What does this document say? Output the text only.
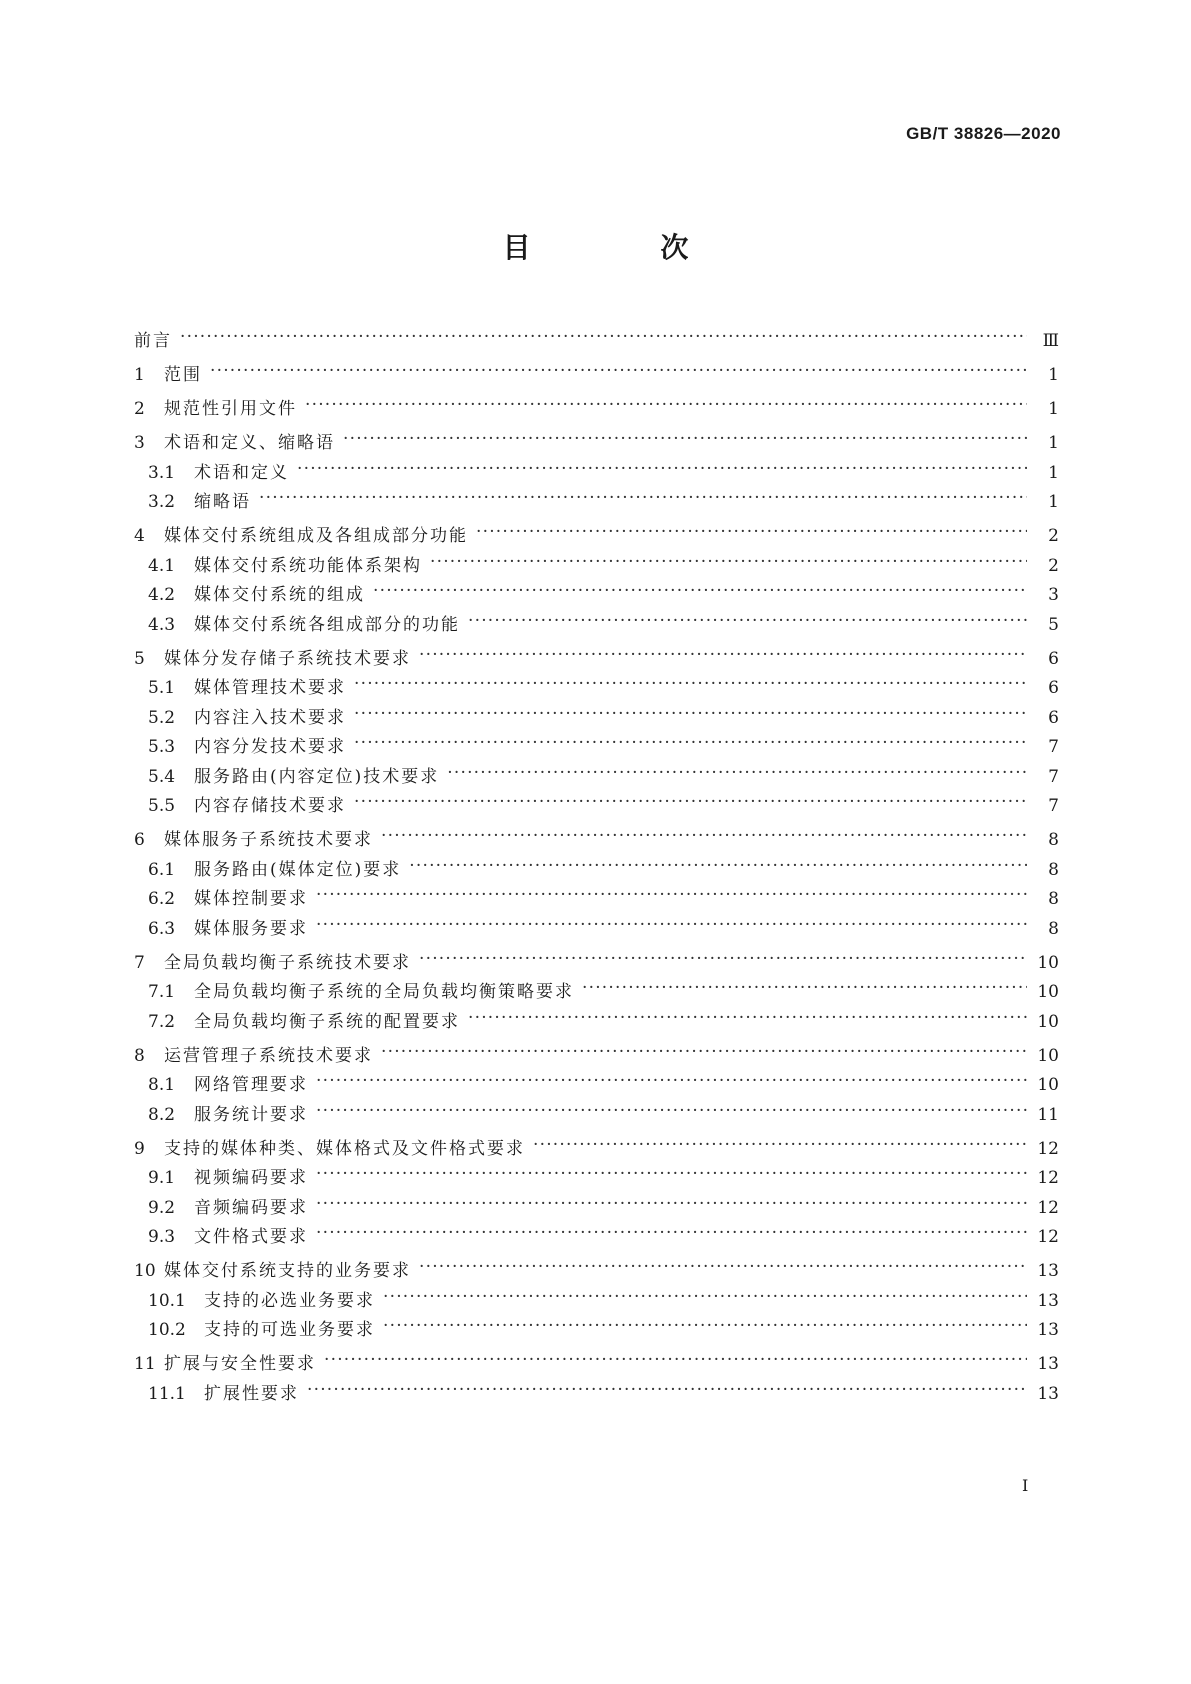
GB/T 38826—2020
目 次
前言 ·····	Ⅲ
1	范围 ·····	1
2	规范性引用文件 ·····	1
3	术语和定义、缩略语 ·····	1
3.1	术语和定义 ·····	1
3.2	缩略语 ·····	1
4	媒体交付系统组成及各组成部分功能 ·····	2
4.1	媒体交付系统功能体系架构 ·····	2
4.2	媒体交付系统的组成 ·····	3
4.3	媒体交付系统各组成部分的功能 ·····	5
5	媒体分发存储子系统技术要求 ·····	6
5.1	媒体管理技术要求 ·····	6
5.2	内容注入技术要求 ·····	6
5.3	内容分发技术要求 ·····	7
5.4	服务路由(内容定位)技术要求 ·····	7
5.5	内容存储技术要求 ·····	7
6	媒体服务子系统技术要求 ·····	8
6.1	服务路由(媒体定位)要求 ·····	8
6.2	媒体控制要求 ·····	8
6.3	媒体服务要求 ·····	8
7	全局负载均衡子系统技术要求 ·····	10
7.1	全局负载均衡子系统的全局负载均衡策略要求 ·····	10
7.2	全局负载均衡子系统的配置要求 ·····	10
8	运营管理子系统技术要求 ·····	10
8.1	网络管理要求 ·····	10
8.2	服务统计要求 ·····	11
9	支持的媒体种类、媒体格式及文件格式要求 ·····	12
9.1	视频编码要求 ·····	12
9.2	音频编码要求 ·····	12
9.3	文件格式要求 ·····	12
10 媒体交付系统支持的业务要求 ·····	13
10.1	支持的必选业务要求 ·····	13
10.2	支持的可选业务要求 ·····	13
11 扩展与安全性要求 ·····	13
11.1	扩展性要求 ·····	13
I
